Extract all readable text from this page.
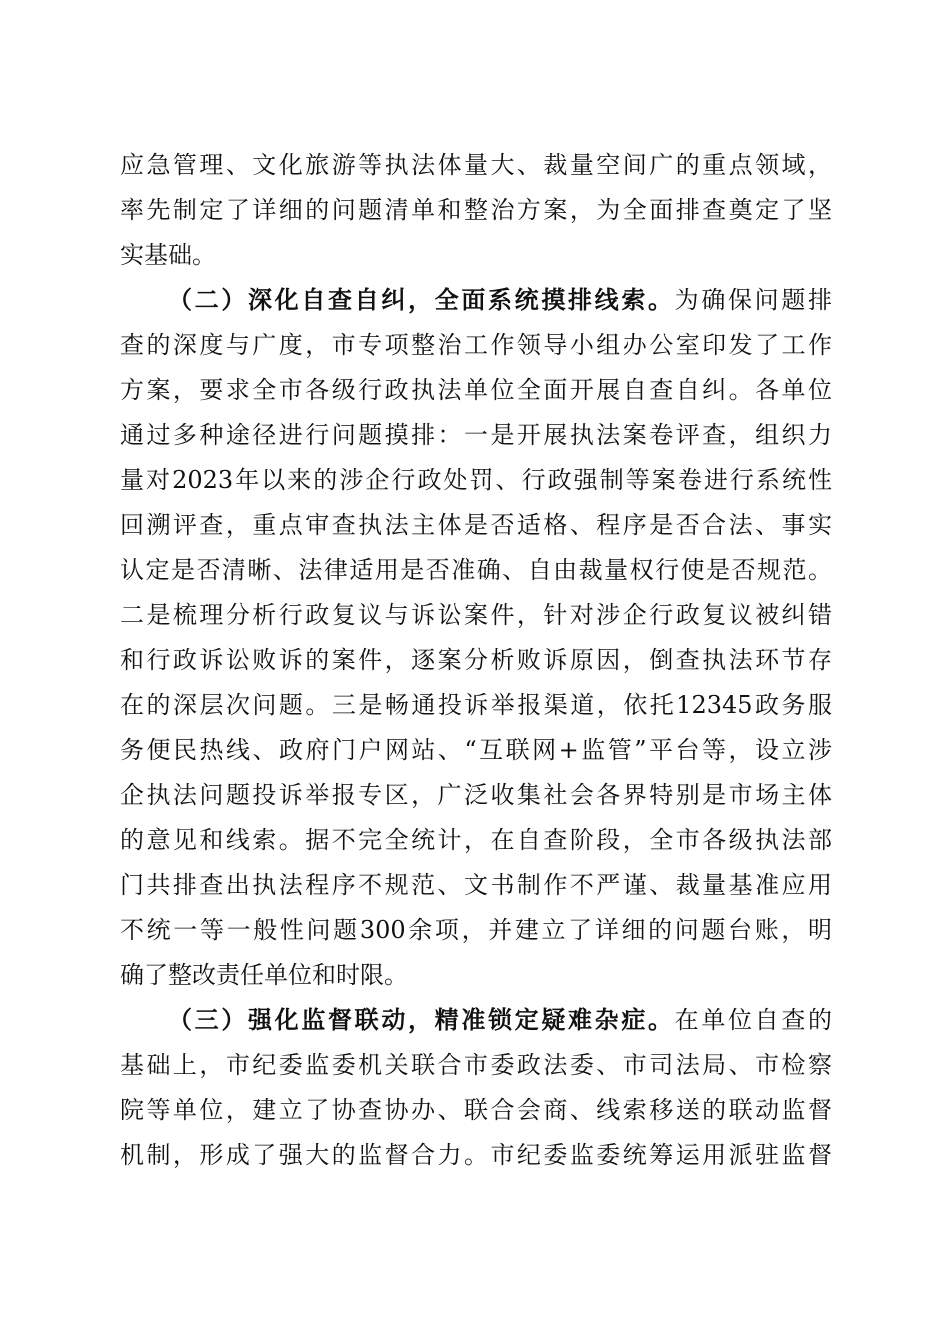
应急管理、文化旅游等执法体量大、裁量空间广的重点领域，
率先制定了详细的问题清单和整治方案，为全面排查奠定了坚
实基础。
（二）深化自查自纠，全面系统摸排线索。为确保问题排
查的深度与广度，市专项整治工作领导小组办公室印发了工作
方案，要求全市各级行政执法单位全面开展自查自纠。各单位
通过多种途径进行问题摸排：一是开展执法案卷评查，组织力
量对2023年以来的涉企行政处罚、行政强制等案卷进行系统性
回溯评查，重点审查执法主体是否适格、程序是否合法、事实
认定是否清晰、法律适用是否准确、自由裁量权行使是否规范。
二是梳理分析行政复议与诉讼案件，针对涉企行政复议被纠错
和行政诉讼败诉的案件，逐案分析败诉原因，倒查执法环节存
在的深层次问题。三是畅通投诉举报渠道，依托12345政务服
务便民热线、政府门户网站、“互联网+监管”平台等，设立涉
企执法问题投诉举报专区，广泛收集社会各界特别是市场主体
的意见和线索。据不完全统计，在自查阶段，全市各级执法部
门共排查出执法程序不规范、文书制作不严谨、裁量基准应用
不统一等一般性问题300余项，并建立了详细的问题台账，明
确了整改责任单位和时限。
（三）强化监督联动，精准锁定疑难杂症。在单位自查的
基础上，市纪委监委机关联合市委政法委、市司法局、市检察
院等单位，建立了协查协办、联合会商、线索移送的联动监督
机制，形成了强大的监督合力。市纪委监委统筹运用派驻监督
